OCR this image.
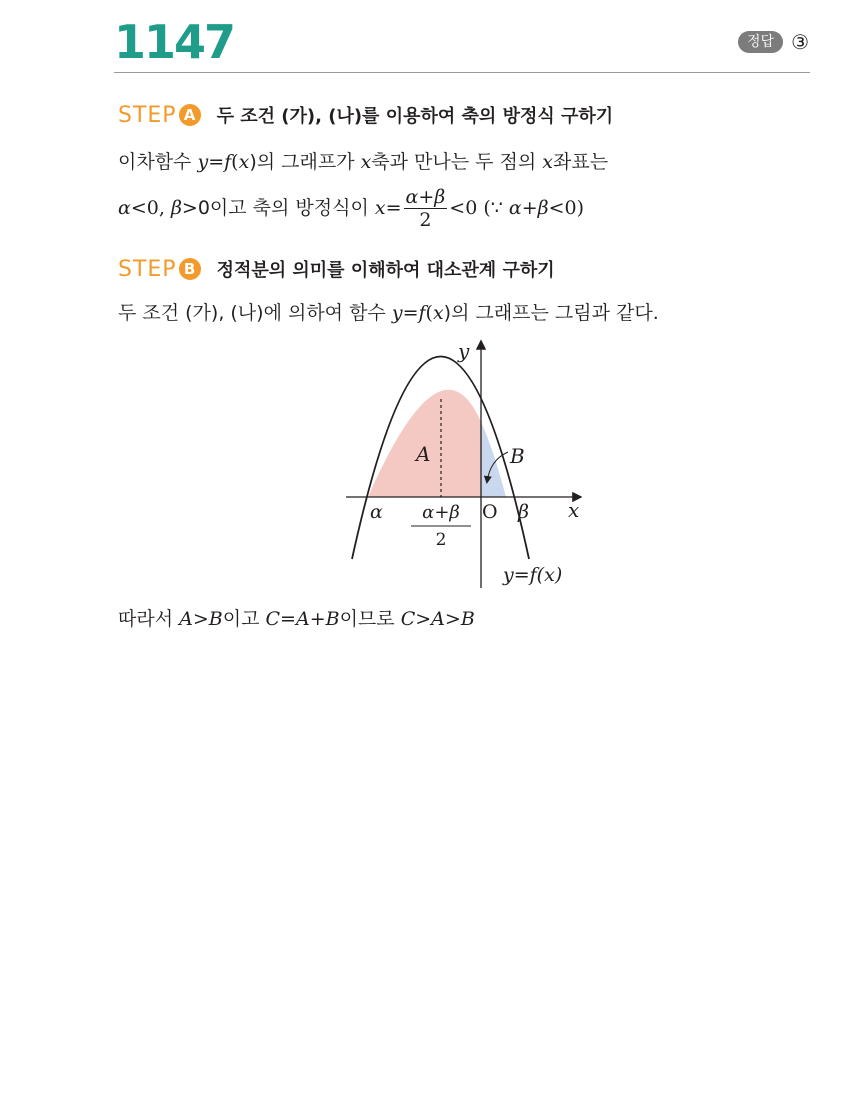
1147	정답 ③
STEP A 두 조건 (가), (나)를 이용하여 축의 방정식 구하기
이차함수 y=f(x)의 그래프가 x축과 만나는 두 점의 x좌표는
α<0, β>0이고 축의 방정식이 $x= \frac{\alpha+\beta}{2} <0$ (∵ α+β<0)
STEP B 정적분의 의미를 이해하여 대소관계 구하기
두 조건 (가), (나)에 의하여 함수 y=f(x)의 그래프는 그림과 같다.
y
x
O
α	β
α+β
2
A	B
y=f(x)
따라서 A>B이고 C=A+B이므로 C>A>B
